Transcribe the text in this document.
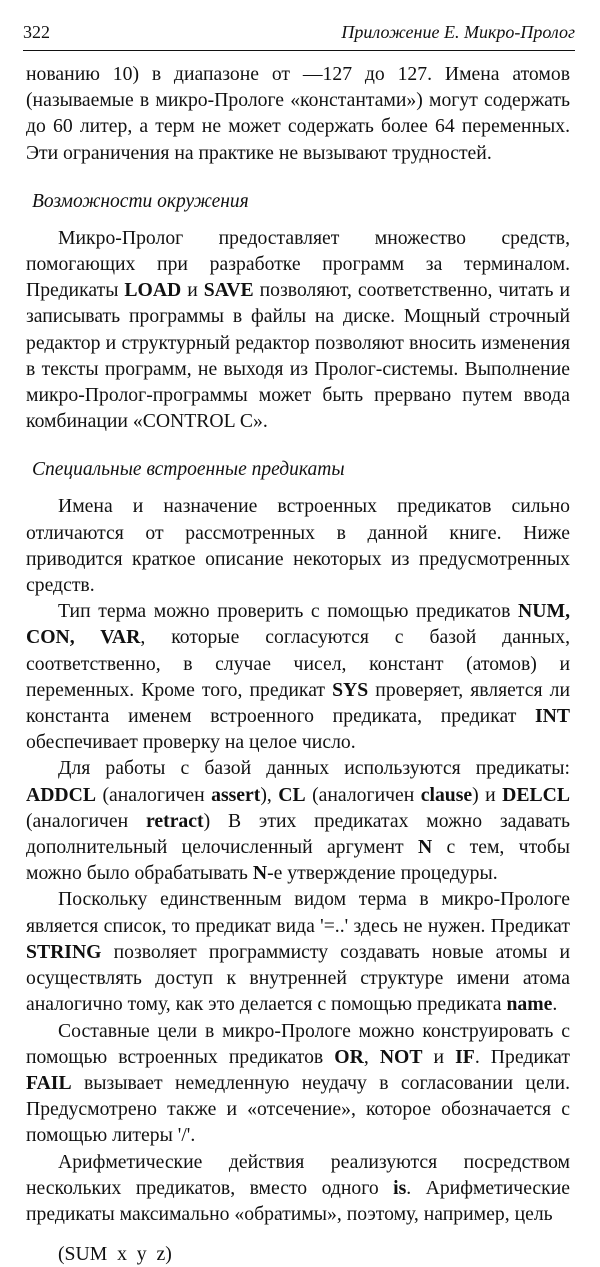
322	Приложение Е. Микро-Пролог

нованию 10) в диапазоне от —127 до 127. Имена атомов (называемые в микро-Прологе «константами») могут содержать до 60 литер, а терм не может содержать более 64 переменных. Эти ограничения на практике не вызывают трудностей.

Возможности окружения

Микро-Пролог предоставляет множество средств, помогающих при разработке программ за терминалом. Предикаты LOAD и SAVE позволяют, соответственно, читать и записывать программы в файлы на диске. Мощный строчный редактор и структурный редактор позволяют вносить изменения в тексты программ, не выходя из Пролог-системы. Выполнение микро-Пролог-программы может быть прервано путем ввода комбинации «CONTROL С».

Специальные встроенные предикаты

Имена и назначение встроенных предикатов сильно отличаются от рассмотренных в данной книге. Ниже приводится краткое описание некоторых из предусмотренных средств.

Тип терма можно проверить с помощью предикатов NUM, CON, VAR, которые согласуются с базой данных, соответственно, в случае чисел, констант (атомов) и переменных. Кроме того, предикат SYS проверяет, является ли константа именем встроенного предиката, предикат INT обеспечивает проверку на целое число.

Для работы с базой данных используются предикаты: ADDCL (аналогичен assert), CL (аналогичен clause) и DELCL (аналогичен retract) В этих предикатах можно задавать дополнительный целочисленный аргумент N с тем, чтобы можно было обрабатывать N-е утверждение процедуры.

Поскольку единственным видом терма в микро-Прологе является список, то предикат вида '=..' здесь не нужен. Предикат STRING позволяет программисту создавать новые атомы и осуществлять доступ к внутренней структуре имени атома аналогично тому, как это делается с помощью предиката name.

Составные цели в микро-Прологе можно конструировать с помощью встроенных предикатов OR, NOT и IF. Предикат FAIL вызывает немедленную неудачу в согласовании цели. Предусмотрено также и «отсечение», которое обозначается с помощью литеры '/'.

Арифметические действия реализуются посредством нескольких предикатов, вместо одного is. Арифметические предикаты максимально «обратимы», поэтому, например, цель

(SUM x y z)
